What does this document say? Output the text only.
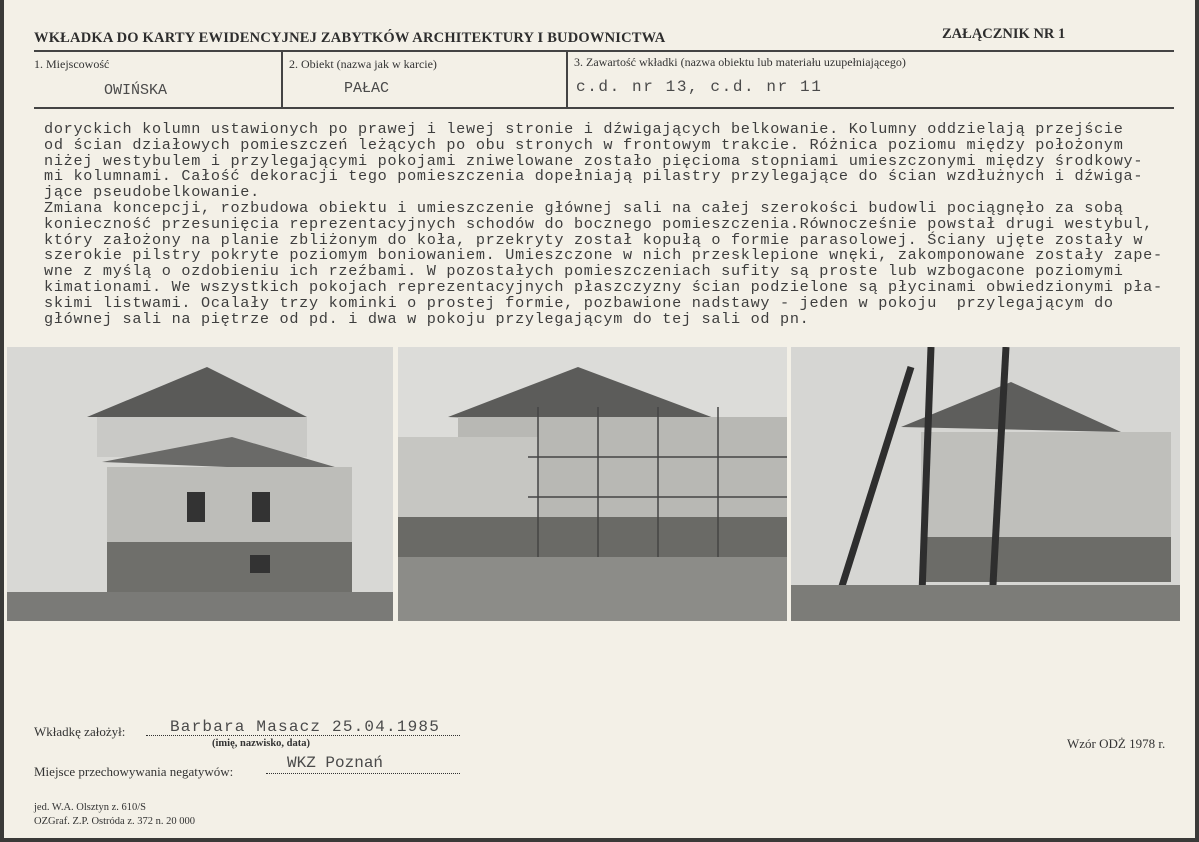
WKŁADKA DO KARTY EWIDENCYJNEJ ZABYTKÓW ARCHITEKTURY I BUDOWNICTWA	ZAŁĄCZNIK NR 1
1. Miejscowość
OWIŃSKA
2. Obiekt (nazwa jak w karcie)
PAŁAC
3. Zawartość wkładki (nazwa obiektu lub materiału uzupełniającego)
c.d. nr 13, c.d. nr 11
doryckich kolumn ustawionych po prawej i lewej stronie i dźwigających belkowanie. Kolumny oddzielają przejście
od ścian działowych pomieszczeń leżących po obu stronych w frontowym trakcie. Różnica poziomu między położonym
niżej westybulem i przylegającymi pokojami zniwelowane zostało pięcioma stopniami umieszczonymi między środkowy-
mi kolumnami. Całość dekoracji tego pomieszczenia dopełniają pilastry przylegające do ścian wzdłużnych i dźwiga-
jące pseudobelkowanie.
Zmiana koncepcji, rozbudowa obiektu i umieszczenie głównej sali na całej szerokości budowli pociągnęło za sobą
konieczność przesunięcia reprezentacyjnych schodów do bocznego pomieszczenia.Równocześnie powstał drugi westybul,
który założony na planie zbliżonym do koła, przekryty został kopułą o formie parasolowej. Ściany ujęte zostały w
szerokie pilstry pokryte poziomym boniowaniem. Umieszczone w nich przesklepione wnęki, zakomponowane zostały zape-
wne z myślą o ozdobieniu ich rzeźbami. W pozostałych pomieszczeniach sufity są proste lub wzbogacone poziomymi
kimationami. We wszystkich pokojach reprezentacyjnych płaszczyzny ścian podzielone są płycinami obwiedzionymi pła-
skimi listwami. Ocalały trzy kominki o prostej formie, pozbawione nadstawy - jeden w pokoju  przylegającym do
głównej sali na piętrze od pd. i dwa w pokoju przylegającym do tej sali od pn.
Wkładkę założył:	Barbara Masacz 25.04.1985
(imię, nazwisko, data)	Wzór ODŻ 1978 r.
Miejsce przechowywania negatywów:	WKZ Poznań
jed. W.A. Olsztyn z. 610/S
OZGraf. Z.P. Ostróda z. 372 n. 20 000
